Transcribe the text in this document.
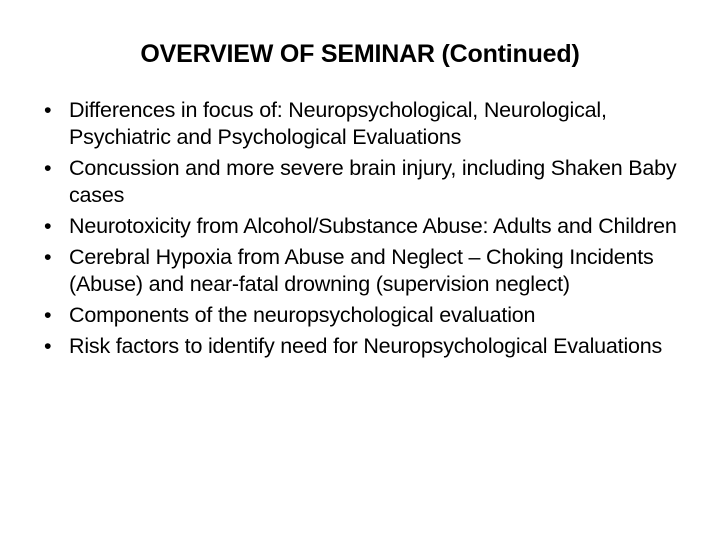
OVERVIEW OF SEMINAR (Continued)
• Differences in focus of: Neuropsychological, Neurological, Psychiatric and Psychological Evaluations
• Concussion and more severe brain injury, including Shaken Baby cases
• Neurotoxicity from Alcohol/Substance Abuse: Adults and Children
• Cerebral Hypoxia from Abuse and Neglect – Choking Incidents (Abuse) and near-fatal drowning (supervision neglect)
• Components of the neuropsychological evaluation
• Risk factors to identify need for Neuropsychological Evaluations
